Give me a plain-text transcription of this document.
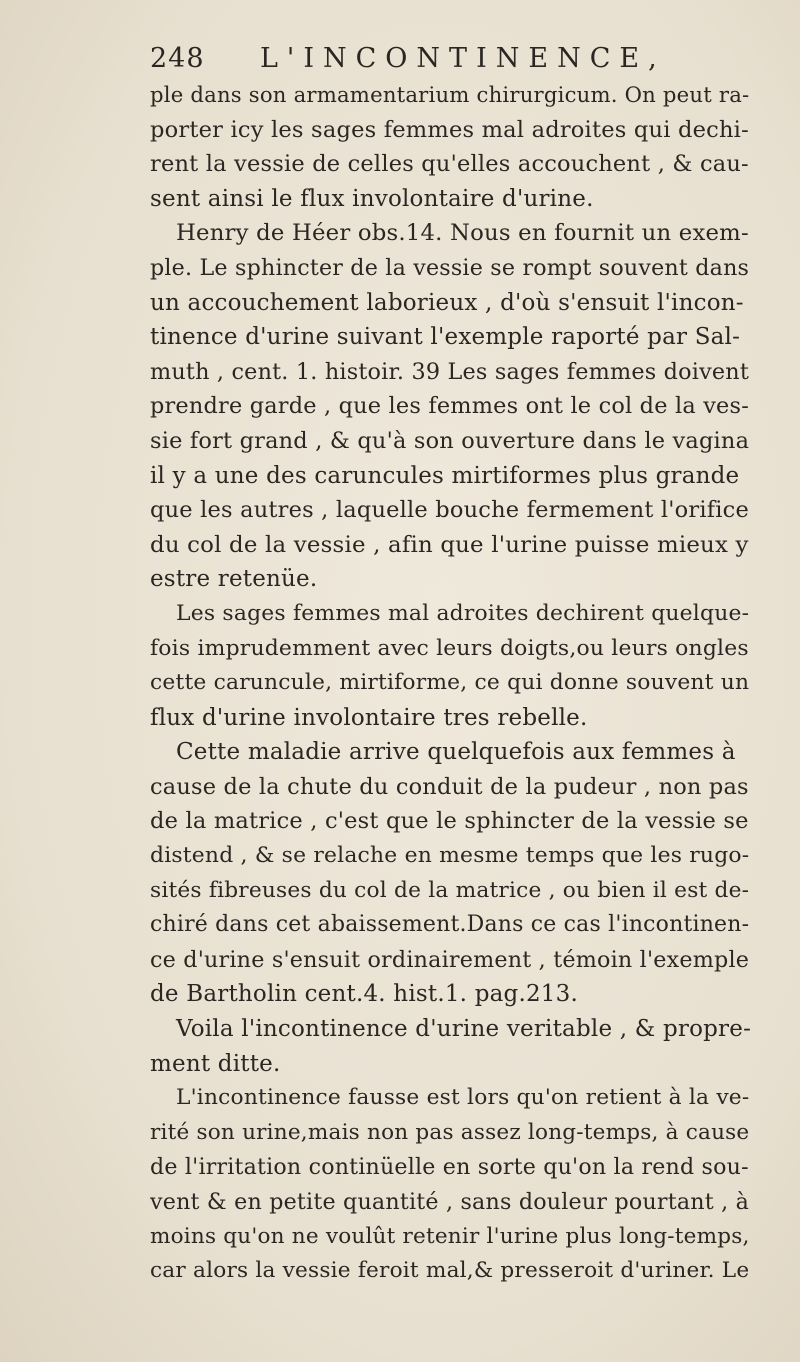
248	L'INCONTINENCE,
ple dans son armamentarium chirurgicum. On peut ra-
porter icy les sages femmes mal adroites qui dechi-
rent la vessie de celles qu'elles accouchent , & cau-
sent ainsi le flux involontaire d'urine.
Henry de Héer obs.14. Nous en fournit un exem-
ple. Le sphincter de la vessie se rompt souvent dans
un accouchement laborieux , d'où s'ensuit l'incon-
tinence d'urine suivant l'exemple raporté par Sal-
muth , cent. 1. histoir. 39 Les sages femmes doivent
prendre garde , que les femmes ont le col de la ves-
sie fort grand , & qu'à son ouverture dans le vagina
il y a une des caruncules mirtiformes plus grande
que les autres , laquelle bouche fermement l'orifice
du col de la vessie , afin que l'urine puisse mieux y
estre retenüe.
Les sages femmes mal adroites dechirent quelque-
fois imprudemment avec leurs doigts,ou leurs ongles
cette caruncule, mirtiforme, ce qui donne souvent un
flux d'urine involontaire tres rebelle.
Cette maladie arrive quelquefois aux femmes à
cause de la chute du conduit de la pudeur , non pas
de la matrice , c'est que le sphincter de la vessie se
distend , & se relache en mesme temps que les rugo-
sités fibreuses du col de la matrice , ou bien il est de-
chiré dans cet abaissement.Dans ce cas l'incontinen-
ce d'urine s'ensuit ordinairement , témoin l'exemple
de Bartholin cent.4. hist.1. pag.213.
Voila l'incontinence d'urine veritable , & propre-
ment ditte.
L'incontinence fausse est lors qu'on retient à la ve-
rité son urine,mais non pas assez long-temps, à cause
de l'irritation continüelle en sorte qu'on la rend sou-
vent & en petite quantité , sans douleur pourtant , à
moins qu'on ne voulût retenir l'urine plus long-temps,
car alors la vessie feroit mal,& presseroit d'uriner. Le
